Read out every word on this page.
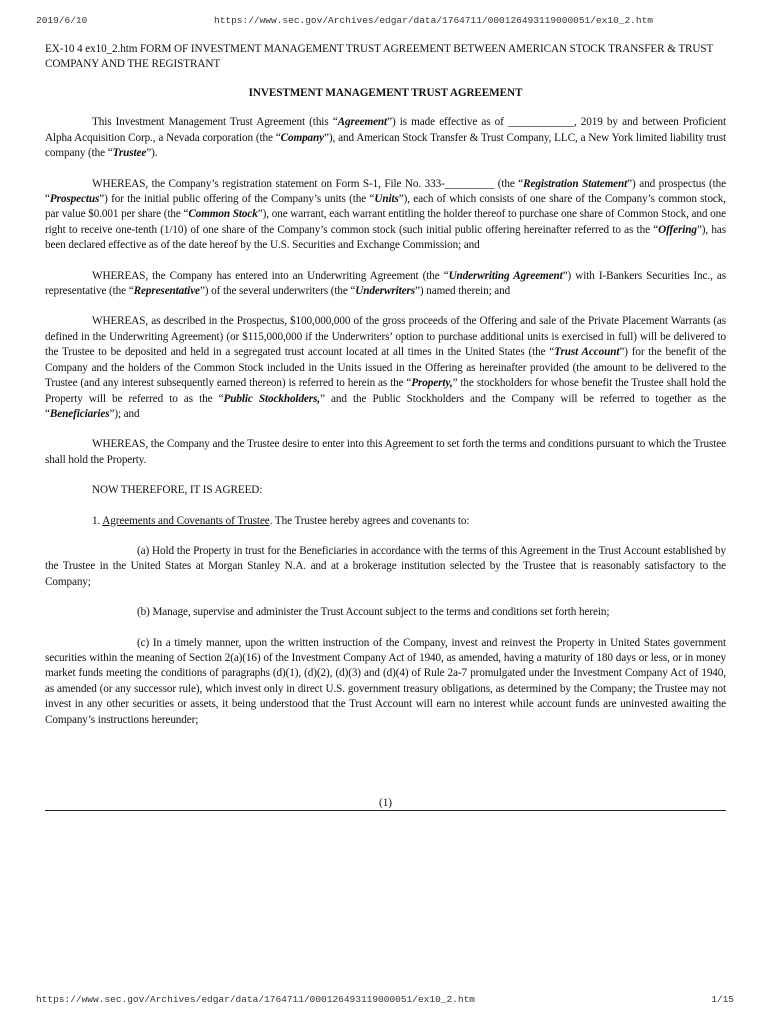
2019/6/10	https://www.sec.gov/Archives/edgar/data/1764711/000126493119000051/ex10_2.htm
EX-10 4 ex10_2.htm FORM OF INVESTMENT MANAGEMENT TRUST AGREEMENT BETWEEN AMERICAN STOCK TRANSFER & TRUST COMPANY AND THE REGISTRANT
INVESTMENT MANAGEMENT TRUST AGREEMENT

This Investment Management Trust Agreement (this “Agreement”) is made effective as of ____________, 2019 by and between Proficient Alpha Acquisition Corp., a Nevada corporation (the “Company”), and American Stock Transfer & Trust Company, LLC, a New York limited liability trust company (the “Trustee”).

WHEREAS, the Company’s registration statement on Form S-1, File No. 333-_________ (the “Registration Statement”) and prospectus (the “Prospectus”) for the initial public offering of the Company’s units (the “Units”), each of which consists of one share of the Company’s common stock, par value $0.001 per share (the “Common Stock”), one warrant, each warrant entitling the holder thereof to purchase one share of Common Stock, and one right to receive one-tenth (1/10) of one share of the Company’s common stock (such initial public offering hereinafter referred to as the “Offering”), has been declared effective as of the date hereof by the U.S. Securities and Exchange Commission; and

WHEREAS, the Company has entered into an Underwriting Agreement (the “Underwriting Agreement”) with I-Bankers Securities Inc., as representative (the “Representative”) of the several underwriters (the “Underwriters”) named therein; and

WHEREAS, as described in the Prospectus, $100,000,000 of the gross proceeds of the Offering and sale of the Private Placement Warrants (as defined in the Underwriting Agreement) (or $115,000,000 if the Underwriters’ option to purchase additional units is exercised in full) will be delivered to the Trustee to be deposited and held in a segregated trust account located at all times in the United States (the “Trust Account”) for the benefit of the Company and the holders of the Common Stock included in the Units issued in the Offering as hereinafter provided (the amount to be delivered to the Trustee (and any interest subsequently earned thereon) is referred to herein as the “Property,” the stockholders for whose benefit the Trustee shall hold the Property will be referred to as the “Public Stockholders,” and the Public Stockholders and the Company will be referred to together as the “Beneficiaries”); and

WHEREAS, the Company and the Trustee desire to enter into this Agreement to set forth the terms and conditions pursuant to which the Trustee shall hold the Property.

NOW THEREFORE, IT IS AGREED:

1. Agreements and Covenants of Trustee. The Trustee hereby agrees and covenants to:

(a) Hold the Property in trust for the Beneficiaries in accordance with the terms of this Agreement in the Trust Account established by the Trustee in the United States at Morgan Stanley N.A. and at a brokerage institution selected by the Trustee that is reasonably satisfactory to the Company;

(b) Manage, supervise and administer the Trust Account subject to the terms and conditions set forth herein;

(c) In a timely manner, upon the written instruction of the Company, invest and reinvest the Property in United States government securities within the meaning of Section 2(a)(16) of the Investment Company Act of 1940, as amended, having a maturity of 180 days or less, or in money market funds meeting the conditions of paragraphs (d)(1), (d)(2), (d)(3) and (d)(4) of Rule 2a-7 promulgated under the Investment Company Act of 1940, as amended (or any successor rule), which invest only in direct U.S. government treasury obligations, as determined by the Company; the Trustee may not invest in any other securities or assets, it being understood that the Trust Account will earn no interest while account funds are uninvested awaiting the Company’s instructions hereunder;

(1)
https://www.sec.gov/Archives/edgar/data/1764711/000126493119000051/ex10_2.htm	1/15
